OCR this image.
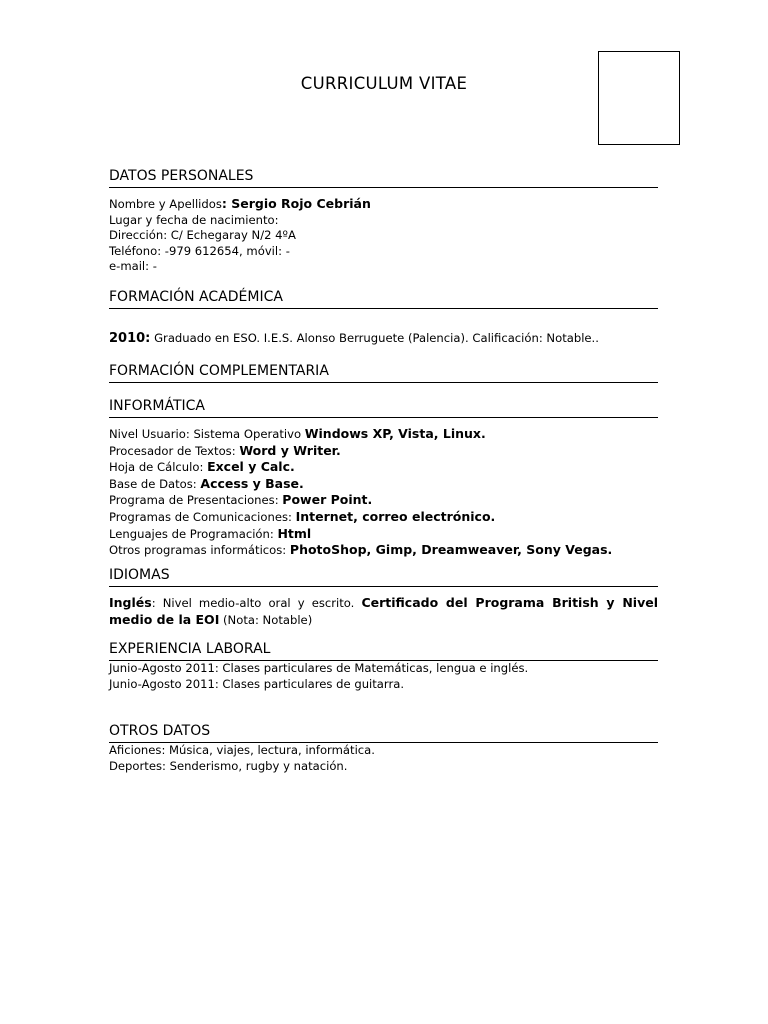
CURRICULUM VITAE
DATOS PERSONALES
Nombre y Apellidos: Sergio Rojo Cebrián
Lugar y fecha de nacimiento:
Dirección: C/ Echegaray N/2 4ºA
Teléfono: -979 612654, móvil: -
e-mail: -
FORMACIÓN ACADÉMICA
2010: Graduado en ESO. I.E.S. Alonso Berruguete (Palencia). Calificación: Notable..
FORMACIÓN COMPLEMENTARIA
INFORMÁTICA
Nivel Usuario: Sistema Operativo Windows XP, Vista, Linux.
Procesador de Textos: Word y Writer.
Hoja de Cálculo: Excel y Calc.
Base de Datos: Access y Base.
Programa de Presentaciones: Power Point.
Programas de Comunicaciones: Internet, correo electrónico.
Lenguajes de Programación: Html
Otros programas informáticos: PhotoShop, Gimp, Dreamweaver, Sony Vegas.
IDIOMAS
Inglés: Nivel medio-alto oral y escrito. Certificado del Programa British y Nivel medio de la EOI (Nota: Notable)
EXPERIENCIA LABORAL
Junio-Agosto 2011: Clases particulares de Matemáticas, lengua e inglés.
Junio-Agosto 2011: Clases particulares de guitarra.
OTROS DATOS
Aficiones: Música, viajes, lectura, informática.
Deportes: Senderismo, rugby y natación.
